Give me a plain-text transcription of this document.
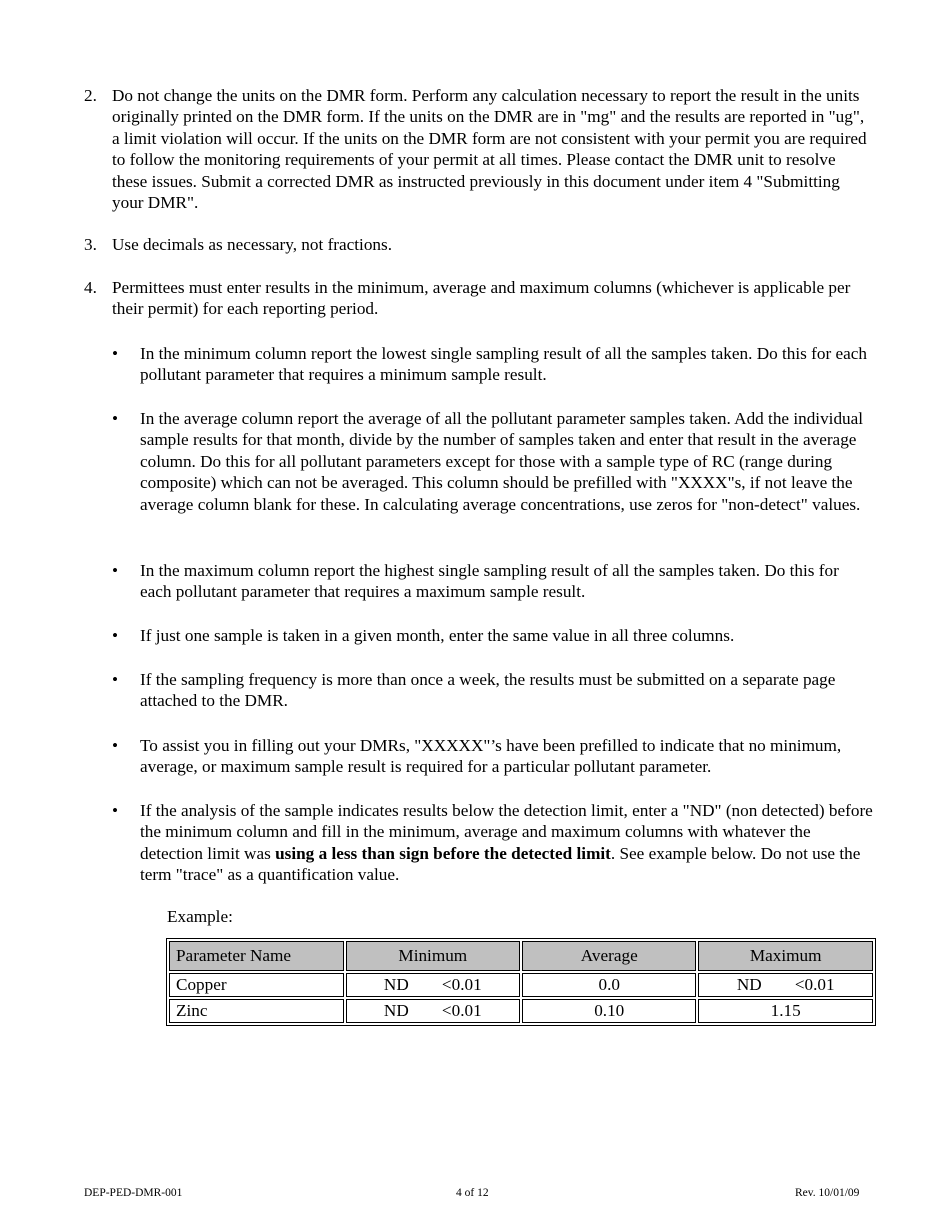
2. Do not change the units on the DMR form. Perform any calculation necessary to report the result in the units originally printed on the DMR form. If the units on the DMR are in "mg" and the results are reported in "ug", a limit violation will occur. If the units on the DMR form are not consistent with your permit you are required to follow the monitoring requirements of your permit at all times. Please contact the DMR unit to resolve these issues. Submit a corrected DMR as instructed previously in this document under item 4 "Submitting your DMR".
3. Use decimals as necessary, not fractions.
4. Permittees must enter results in the minimum, average and maximum columns (whichever is applicable per their permit) for each reporting period.
•	In the minimum column report the lowest single sampling result of all the samples taken. Do this for each pollutant parameter that requires a minimum sample result.
•	In the average column report the average of all the pollutant parameter samples taken. Add the individual sample results for that month, divide by the number of samples taken and enter that result in the average column. Do this for all pollutant parameters except for those with a sample type of RC (range during composite) which can not be averaged. This column should be prefilled with "XXXX"s, if not leave the average column blank for these. In calculating average concentrations, use zeros for "non-detect" values.
•	In the maximum column report the highest single sampling result of all the samples taken. Do this for each pollutant parameter that requires a maximum sample result.
•	If just one sample is taken in a given month, enter the same value in all three columns.
•	If the sampling frequency is more than once a week, the results must be submitted on a separate page attached to the DMR.
•	To assist you in filling out your DMRs, "XXXXX"’s have been prefilled to indicate that no minimum, average, or maximum sample result is required for a particular pollutant parameter.
•	If the analysis of the sample indicates results below the detection limit, enter a "ND" (non detected) before the minimum column and fill in the minimum, average and maximum columns with whatever the detection limit was using a less than sign before the detected limit. See example below. Do not use the term "trace" as a quantification value.
Example:
Parameter Name	Minimum	Average	Maximum
Copper	ND <0.01	0.0	ND <0.01
Zinc	ND <0.01	0.10	1.15
DEP-PED-DMR-001	4 of 12	Rev. 10/01/09
